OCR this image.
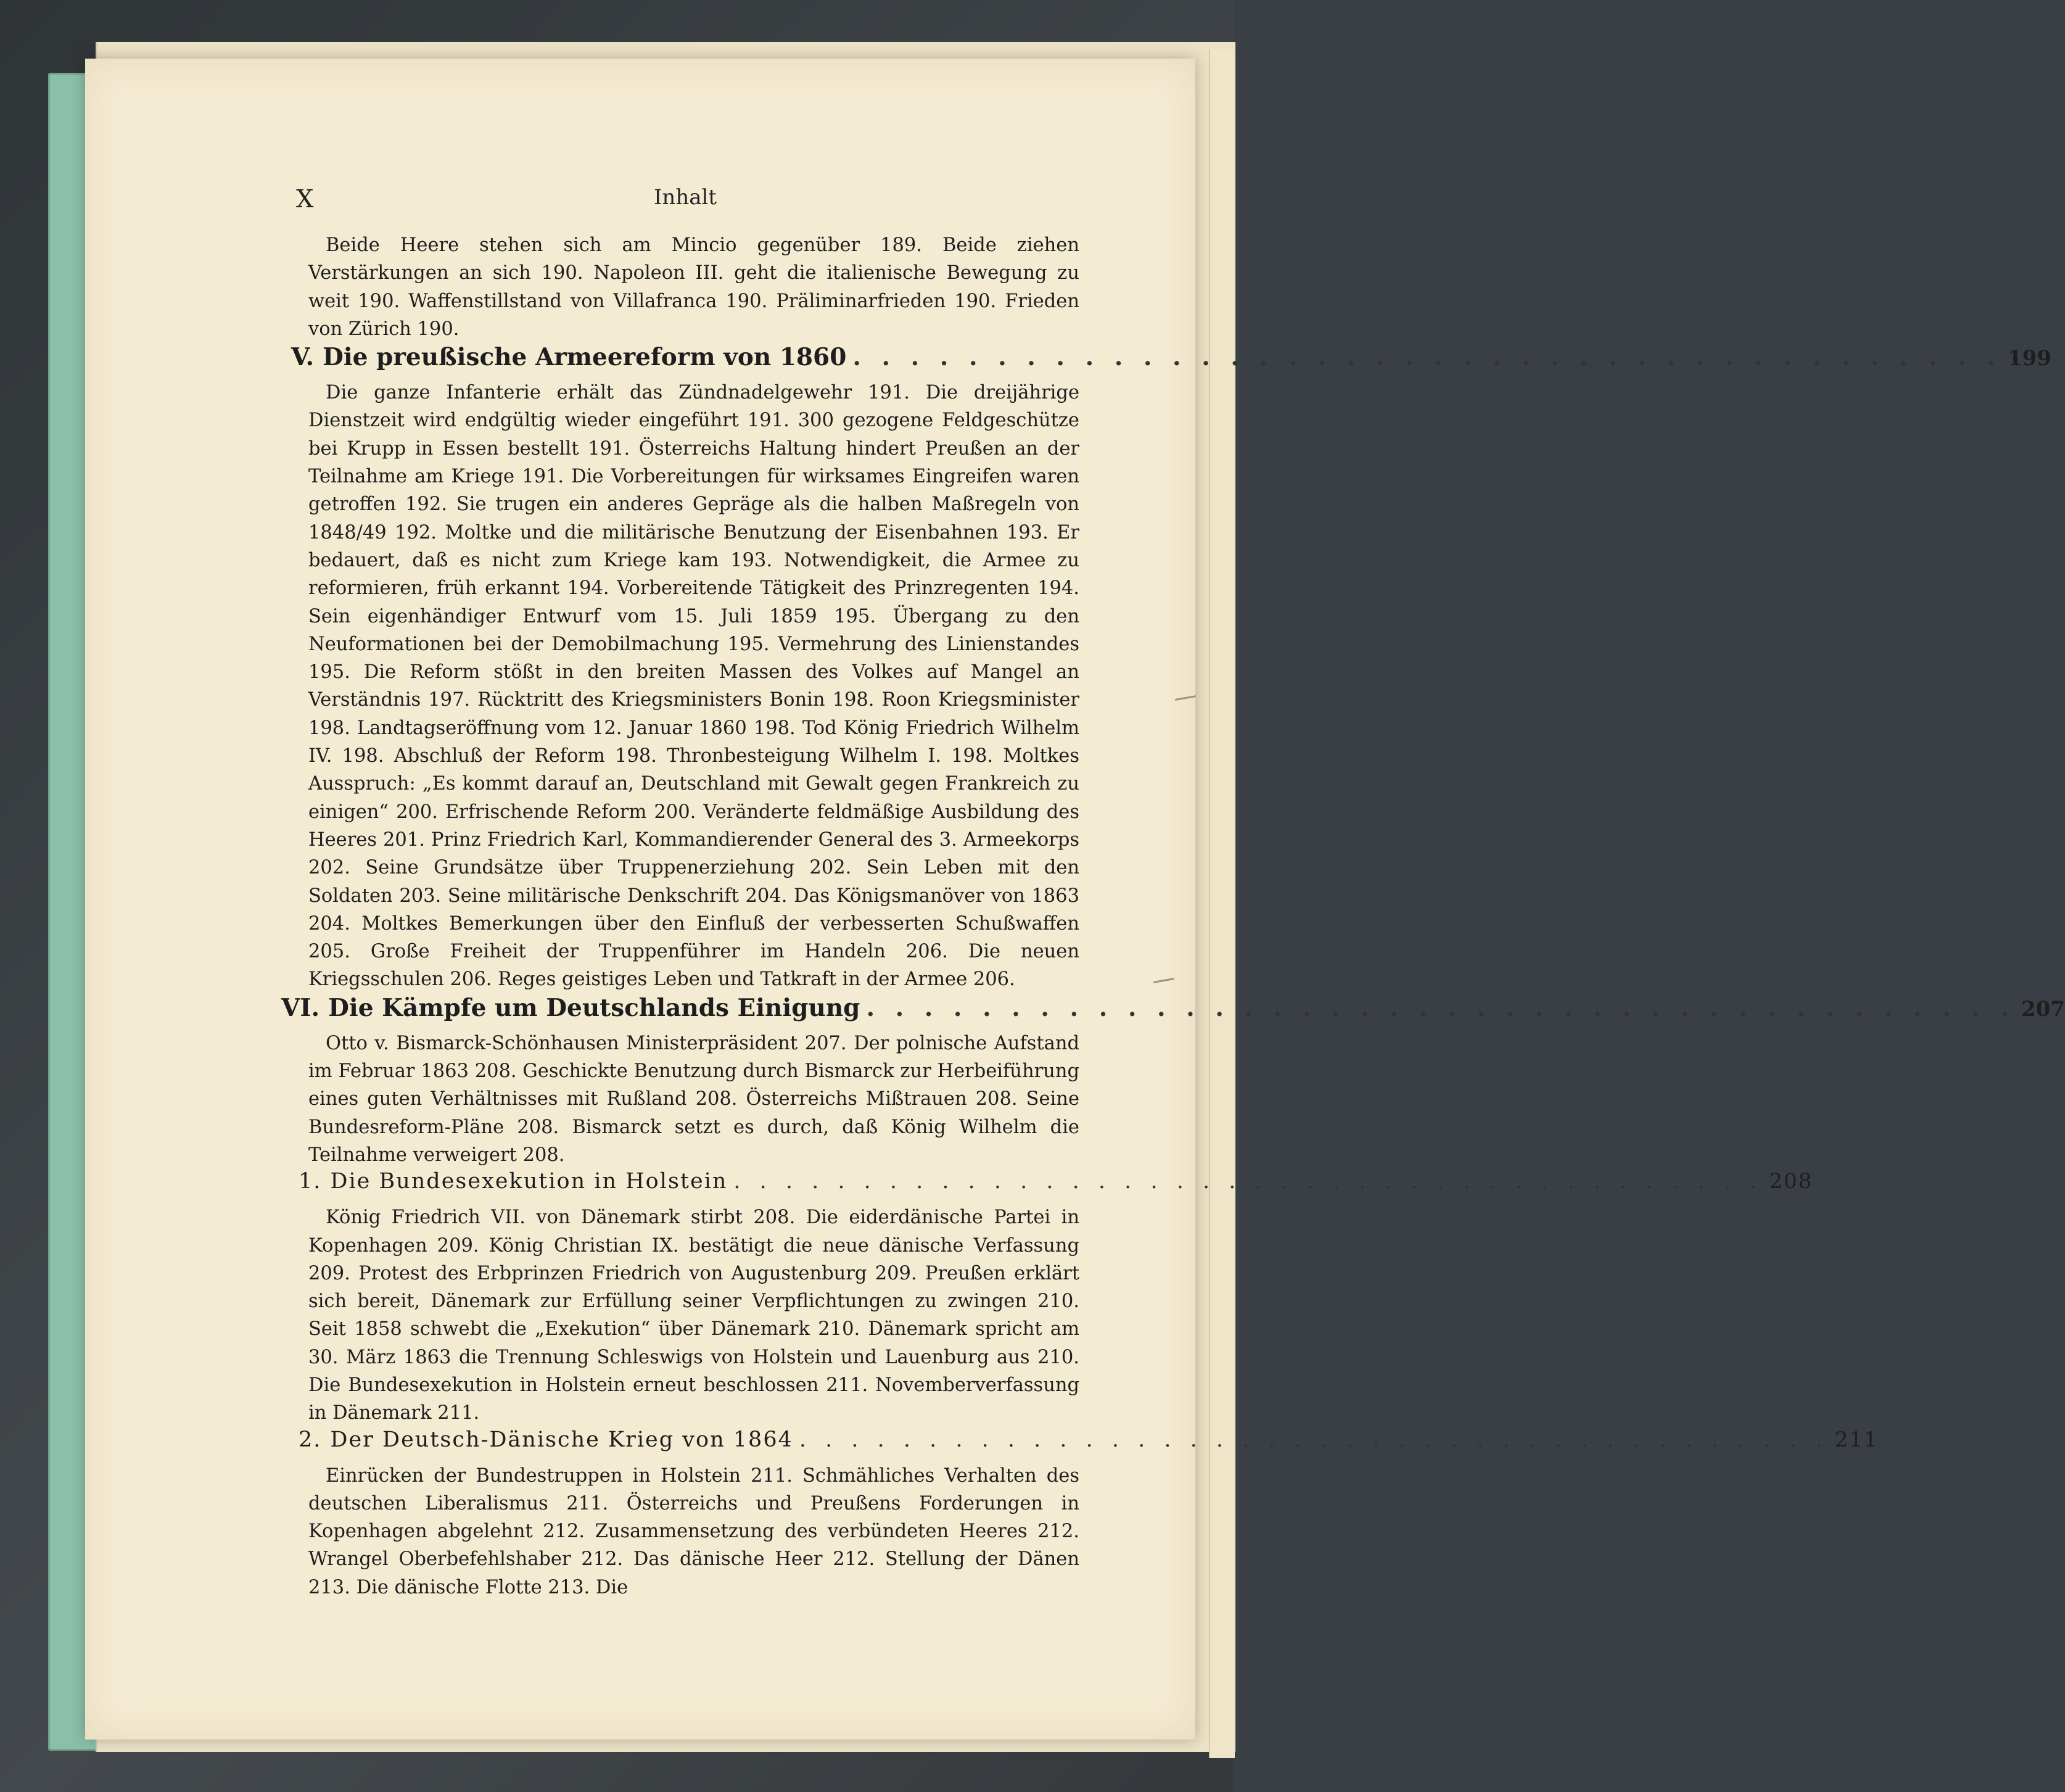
X	Inhalt

Beide Heere stehen sich am Mincio gegenüber 189. Beide ziehen Verstärkungen an sich 190. Napoleon III. geht die italienische Bewegung zu weit 190. Waffenstillstand von Villafranca 190. Präliminarfrieden 190. Frieden von Zürich 190.

V. Die preußische Armeereform von 1860 . . . . . . . . . . . . . . . . . . . . . . . . . . . . . . . . . . . . . . . . 199

Die ganze Infanterie erhält das Zündnadelgewehr 191. Die dreijährige Dienstzeit wird endgültig wieder eingeführt 191. 300 gezogene Feldgeschütze bei Krupp in Essen bestellt 191. Österreichs Haltung hindert Preußen an der Teilnahme am Kriege 191. Die Vorbereitungen für wirksames Eingreifen waren getroffen 192. Sie trugen ein anderes Gepräge als die halben Maßregeln von 1848/49 192. Moltke und die militärische Benutzung der Eisenbahnen 193. Er bedauert, daß es nicht zum Kriege kam 193. Notwendigkeit, die Armee zu reformieren, früh erkannt 194. Vorbereitende Tätigkeit des Prinzregenten 194. Sein eigenhändiger Entwurf vom 15. Juli 1859 195. Übergang zu den Neuformationen bei der Demobilmachung 195. Vermehrung des Linienstandes 195. Die Reform stößt in den breiten Massen des Volkes auf Mangel an Verständnis 197. Rücktritt des Kriegsministers Bonin 198. Roon Kriegsminister 198. Landtagseröffnung vom 12. Januar 1860 198. Tod König Friedrich Wilhelm IV. 198. Abschluß der Reform 198. Thronbesteigung Wilhelm I. 198. Moltkes Ausspruch: „Es kommt darauf an, Deutschland mit Gewalt gegen Frankreich zu einigen“ 200. Erfrischende Reform 200. Veränderte feldmäßige Ausbildung des Heeres 201. Prinz Friedrich Karl, Kommandierender General des 3. Armeekorps 202. Seine Grundsätze über Truppenerziehung 202. Sein Leben mit den Soldaten 203. Seine militärische Denkschrift 204. Das Königsmanöver von 1863 204. Moltkes Bemerkungen über den Einfluß der verbesserten Schußwaffen 205. Große Freiheit der Truppenführer im Handeln 206. Die neuen Kriegsschulen 206. Reges geistiges Leben und Tatkraft in der Armee 206.

VI. Die Kämpfe um Deutschlands Einigung . . . . . . . . . . . . . . . . . . . . . . . . . . . . . . . . . . . . . . . . 207

Otto v. Bismarck-Schönhausen Ministerpräsident 207. Der polnische Aufstand im Februar 1863 208. Geschickte Benutzung durch Bismarck zur Herbeiführung eines guten Verhältnisses mit Rußland 208. Österreichs Mißtrauen 208. Seine Bundesreform-Pläne 208. Bismarck setzt es durch, daß König Wilhelm die Teilnahme verweigert 208.

1. Die Bundesexekution in Holstein . . . . . . . . . . . . . . . . . . . . . . . . . . . . . . . . . . . . . . . . 208

König Friedrich VII. von Dänemark stirbt 208. Die eiderdänische Partei in Kopenhagen 209. König Christian IX. bestätigt die neue dänische Verfassung 209. Protest des Erbprinzen Friedrich von Augustenburg 209. Preußen erklärt sich bereit, Dänemark zur Erfüllung seiner Verpflichtungen zu zwingen 210. Seit 1858 schwebt die „Exekution“ über Dänemark 210. Dänemark spricht am 30. März 1863 die Trennung Schleswigs von Holstein und Lauenburg aus 210. Die Bundesexekution in Holstein erneut beschlossen 211. Novemberverfassung in Dänemark 211.

2. Der Deutsch-Dänische Krieg von 1864 . . . . . . . . . . . . . . . . . . . . . . . . . . . . . . . . . . . . . . . . 211

Einrücken der Bundestruppen in Holstein 211. Schmähliches Verhalten des deutschen Liberalismus 211. Österreichs und Preußens Forderungen in Kopenhagen abgelehnt 212. Zusammensetzung des verbündeten Heeres 212. Wrangel Oberbefehlshaber 212. Das dänische Heer 212. Stellung der Dänen 213. Die dänische Flotte 213. Die
